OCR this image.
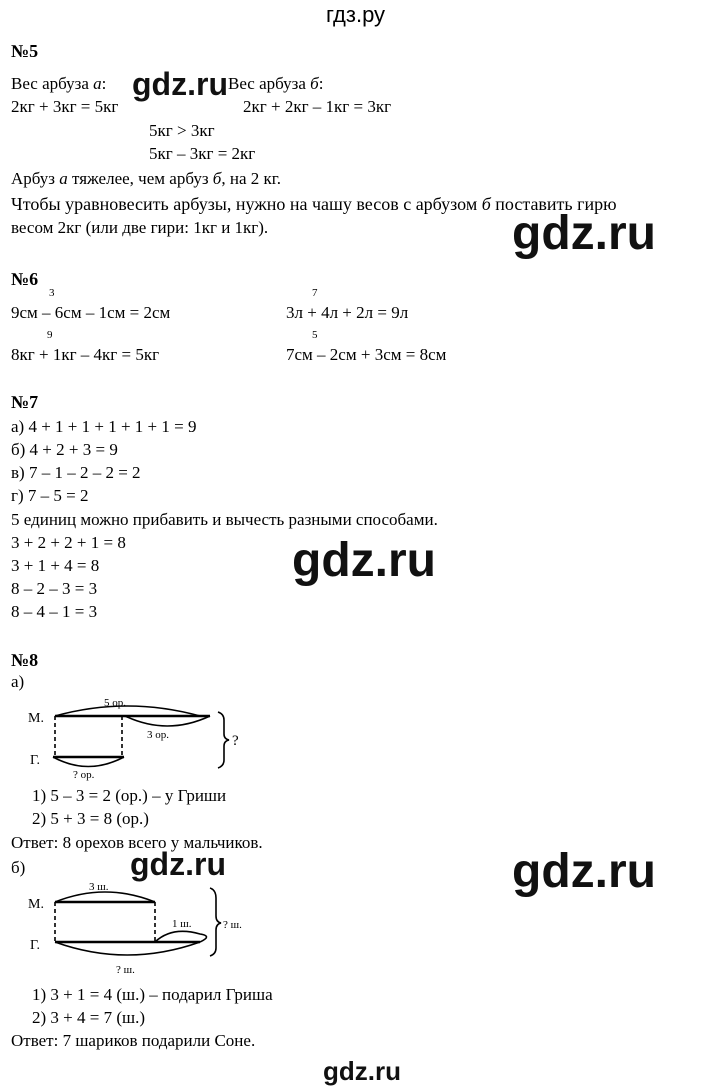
гдз.ру
№5
Вес арбуза а:	Вес арбуза б:
gdz.ru
2кг + 3кг = 5кг	2кг + 2кг – 1кг = 3кг
5кг > 3кг
5кг – 3кг = 2кг
Арбуз а тяжелее, чем арбуз б, на 2 кг.
Чтобы уравновесить арбузы, нужно на чашу весов с арбузом б поставить гирю
весом 2кг (или две гири: 1кг и 1кг).	gdz.ru
№6
3
9см – 6см – 1см = 2см
7
3л + 4л + 2л = 9л
9
8кг + 1кг – 4кг = 5кг
5
7см – 2см + 3см = 8см
№7
а) 4 + 1 + 1 + 1 + 1 + 1 = 9
б) 4 + 2 + 3 = 9
в) 7 – 1 – 2 – 2 = 2
г) 7 – 5 = 2
5 единиц можно прибавить и вычесть разными способами.
3 + 2 + 2 + 1 = 8
3 + 1 + 4 = 8
8 – 2 – 3 = 3
8 – 4 – 1 = 3
gdz.ru
№8
а)
М.
Г.
5 ор.
3 ор.
? ор.
?
1) 5 – 3 = 2 (ор.) – у Гриши
2) 5 + 3 = 8 (ор.)
Ответ: 8 орехов всего у мальчиков.
б)	gdz.ru	gdz.ru
М.
Г.
3 ш.
1 ш.
? ш.
? ш.
1) 3 + 1 = 4 (ш.) – подарил Гриша
2) 3 + 4 = 7 (ш.)
Ответ: 7 шариков подарили Соне.
gdz.ru
